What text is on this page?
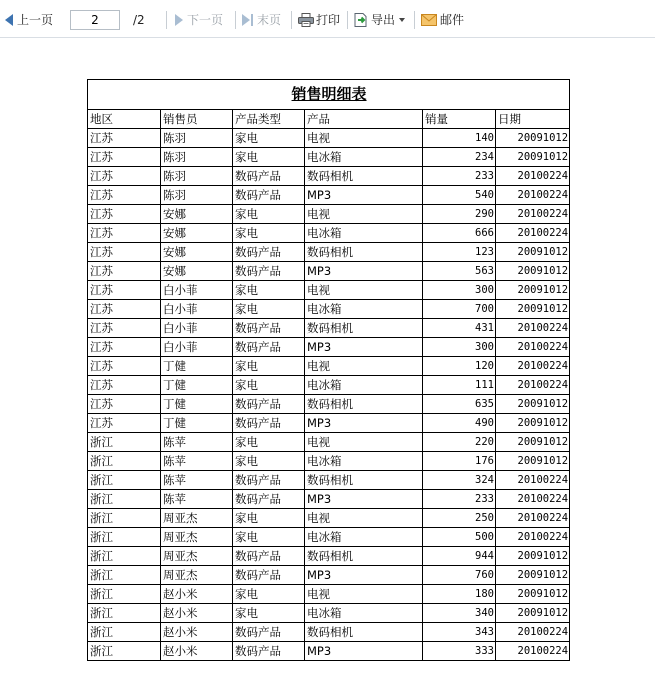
上一页
2	/2	下一页	末页	打印	导出	邮件
销售明细表					
地区	销售员	产品类型	产品	销量	日期
江苏	陈羽	家电	电视	140	20091012
江苏	陈羽	家电	电冰箱	234	20091012
江苏	陈羽	数码产品	数码相机	233	20100224
江苏	陈羽	数码产品	MP3	540	20100224
江苏	安娜	家电	电视	290	20100224
江苏	安娜	家电	电冰箱	666	20100224
江苏	安娜	数码产品	数码相机	123	20091012
江苏	安娜	数码产品	MP3	563	20091012
江苏	白小菲	家电	电视	300	20091012
江苏	白小菲	家电	电冰箱	700	20091012
江苏	白小菲	数码产品	数码相机	431	20100224
江苏	白小菲	数码产品	MP3	300	20100224
江苏	丁健	家电	电视	120	20100224
江苏	丁健	家电	电冰箱	111	20100224
江苏	丁健	数码产品	数码相机	635	20091012
江苏	丁健	数码产品	MP3	490	20091012
浙江	陈苹	家电	电视	220	20091012
浙江	陈苹	家电	电冰箱	176	20091012
浙江	陈苹	数码产品	数码相机	324	20100224
浙江	陈苹	数码产品	MP3	233	20100224
浙江	周亚杰	家电	电视	250	20100224
浙江	周亚杰	家电	电冰箱	500	20100224
浙江	周亚杰	数码产品	数码相机	944	20091012
浙江	周亚杰	数码产品	MP3	760	20091012
浙江	赵小米	家电	电视	180	20091012
浙江	赵小米	家电	电冰箱	340	20091012
浙江	赵小米	数码产品	数码相机	343	20100224
浙江	赵小米	数码产品	MP3	333	20100224
